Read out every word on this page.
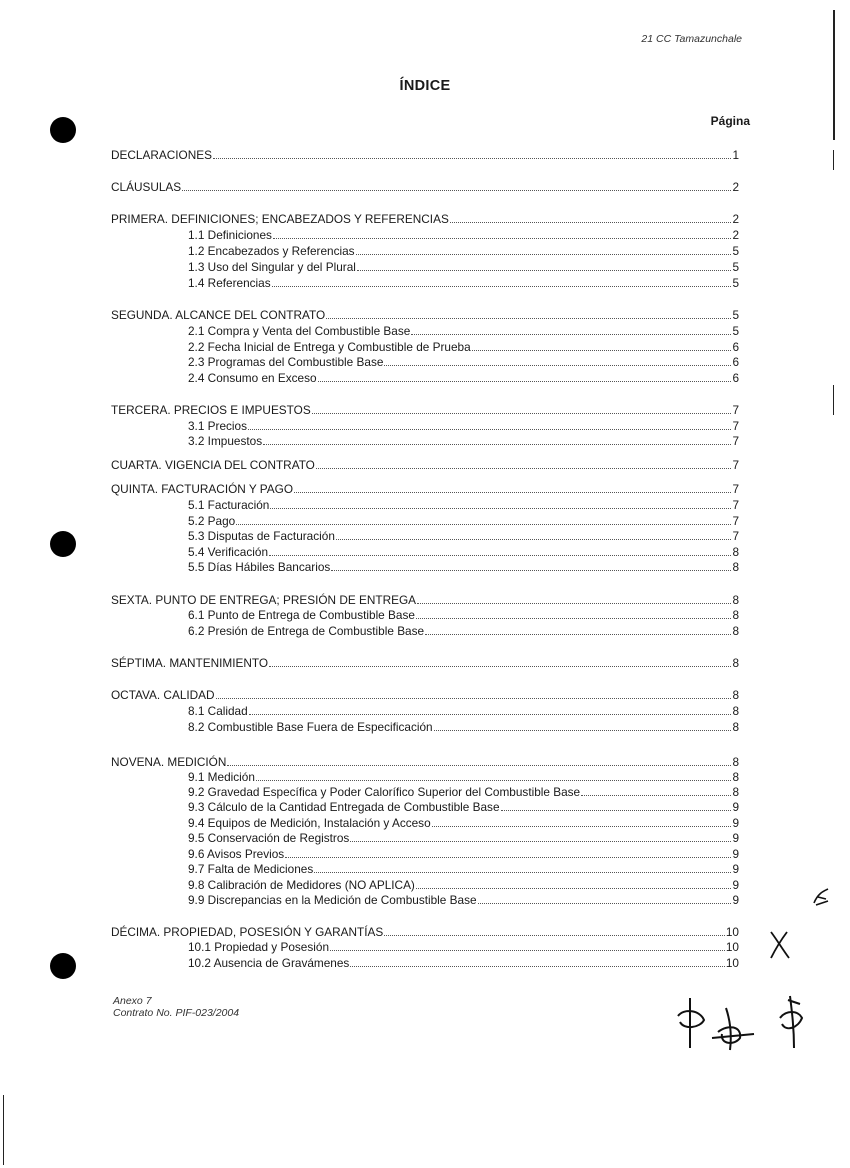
21 CC Tamazunchale
ÍNDICE
Página
DECLARACIONES	1
CLÁUSULAS	2
PRIMERA. DEFINICIONES; ENCABEZADOS Y REFERENCIAS	2
1.1 Definiciones	2
1.2 Encabezados y Referencias	5
1.3 Uso del Singular y del Plural	5
1.4 Referencias	5
SEGUNDA. ALCANCE DEL CONTRATO	5
2.1 Compra y Venta del Combustible Base	5
2.2 Fecha Inicial de Entrega y Combustible de Prueba	6
2.3 Programas del Combustible Base	6
2.4 Consumo en Exceso	6
TERCERA. PRECIOS E IMPUESTOS	7
3.1 Precios	7
3.2 Impuestos	7
CUARTA. VIGENCIA DEL CONTRATO	7
QUINTA. FACTURACIÓN Y PAGO	7
5.1 Facturación	7
5.2 Pago	7
5.3 Disputas de Facturación	7
5.4 Verificación	8
5.5 Días Hábiles Bancarios	8
SEXTA. PUNTO DE ENTREGA; PRESIÓN DE ENTREGA	8
6.1 Punto de Entrega de Combustible Base	8
6.2 Presión de Entrega de Combustible Base	8
SÉPTIMA. MANTENIMIENTO	8
OCTAVA. CALIDAD	8
8.1 Calidad	8
8.2 Combustible Base Fuera de Especificación	8
NOVENA. MEDICIÓN	8
9.1 Medición	8
9.2 Gravedad Específica y Poder Calorífico Superior del Combustible Base	8
9.3 Cálculo de la Cantidad Entregada de Combustible Base	9
9.4 Equipos de Medición, Instalación y Acceso	9
9.5 Conservación de Registros	9
9.6 Avisos Previos	9
9.7 Falta de Mediciones	9
9.8 Calibración de Medidores (NO APLICA)	9
9.9 Discrepancias en la Medición de Combustible Base	9
DÉCIMA. PROPIEDAD, POSESIÓN Y GARANTÍAS	10
10.1 Propiedad y Posesión	10
10.2 Ausencia de Gravámenes	10
Anexo 7
Contrato No. PIF-023/2004
